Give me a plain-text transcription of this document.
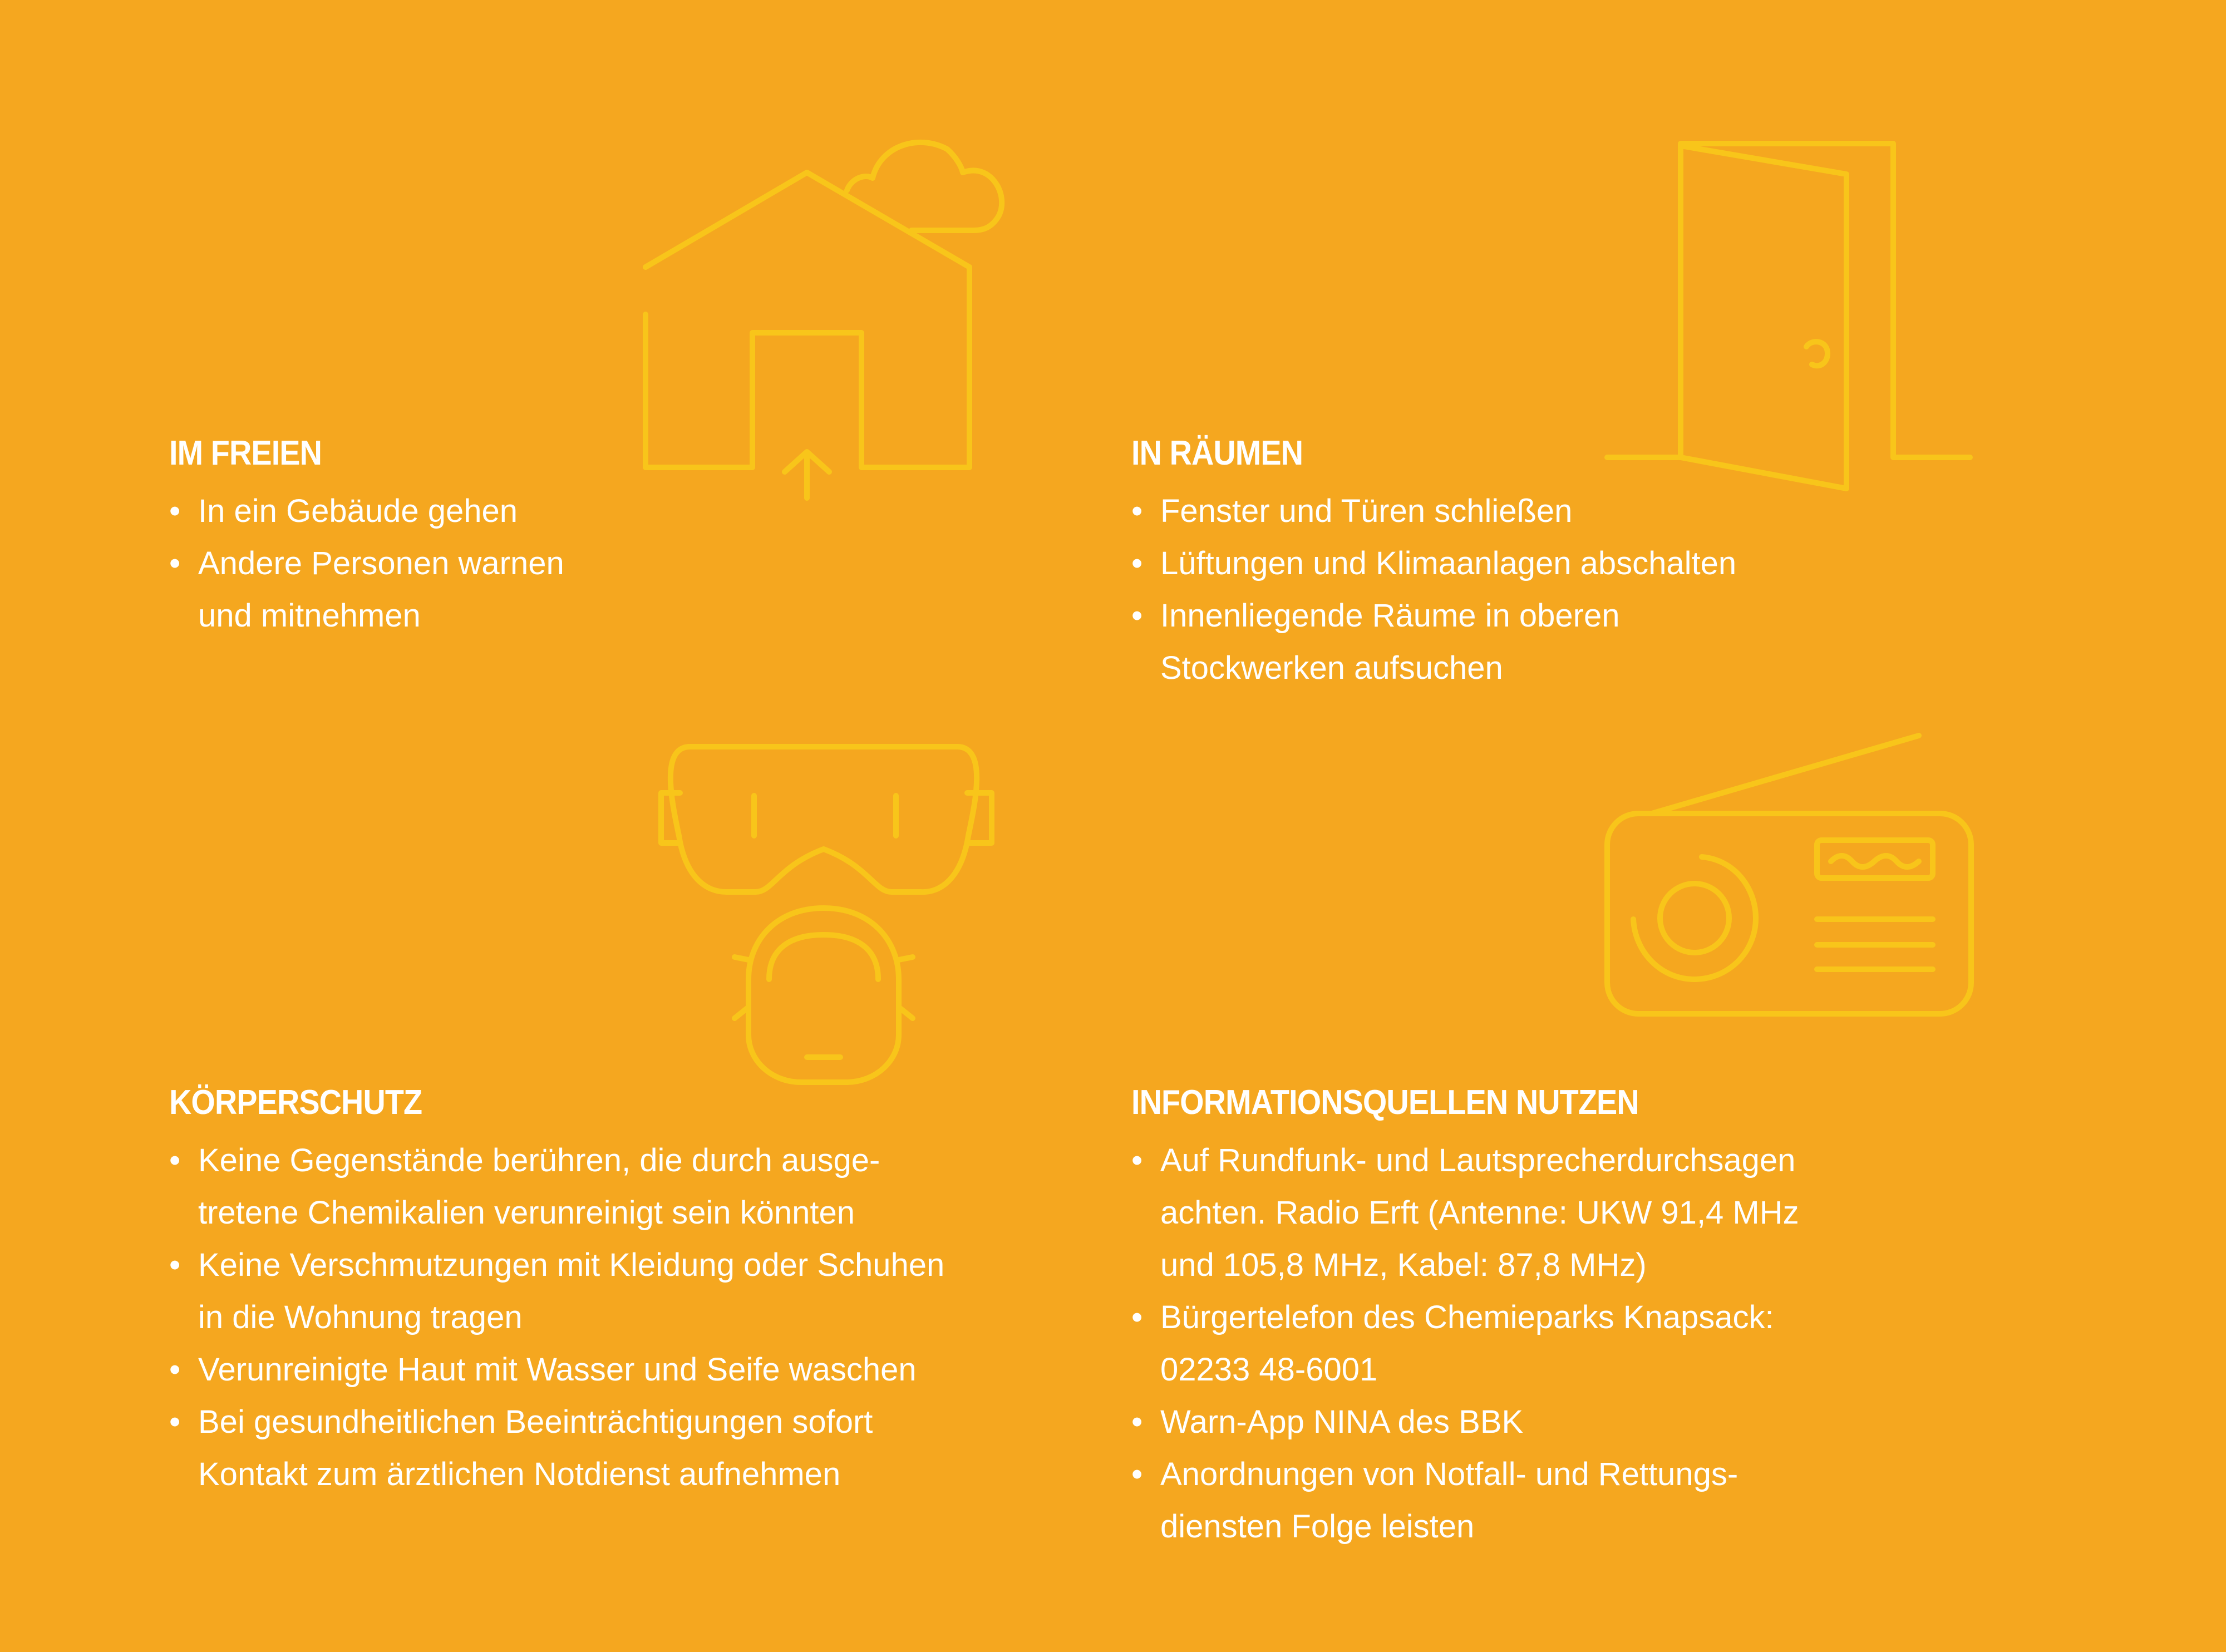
IM FREIEN
• In ein Gebäude gehen
• Andere Personen warnen
und mitnehmen
IN RÄUMEN
• Fenster und Türen schließen
• Lüftungen und Klimaanlagen abschalten
• Innenliegende Räume in oberen
Stockwerken aufsuchen
KÖRPERSCHUTZ
• Keine Gegenstände berühren, die durch ausge-
tretene Chemikalien verunreinigt sein könnten
• Keine Verschmutzungen mit Kleidung oder Schuhen
in die Wohnung tragen
• Verunreinigte Haut mit Wasser und Seife waschen
• Bei gesundheitlichen Beeinträchtigungen sofort
Kontakt zum ärztlichen Notdienst aufnehmen
INFORMATIONSQUELLEN NUTZEN
• Auf Rundfunk- und Lautsprecherdurchsagen
achten. Radio Erft (Antenne: UKW 91,4 MHz
und 105,8 MHz, Kabel: 87,8 MHz)
• Bürgertelefon des Chemieparks Knapsack:
02233 48-6001
• Warn-App NINA des BBK
• Anordnungen von Notfall- und Rettungs-
diensten Folge leisten
